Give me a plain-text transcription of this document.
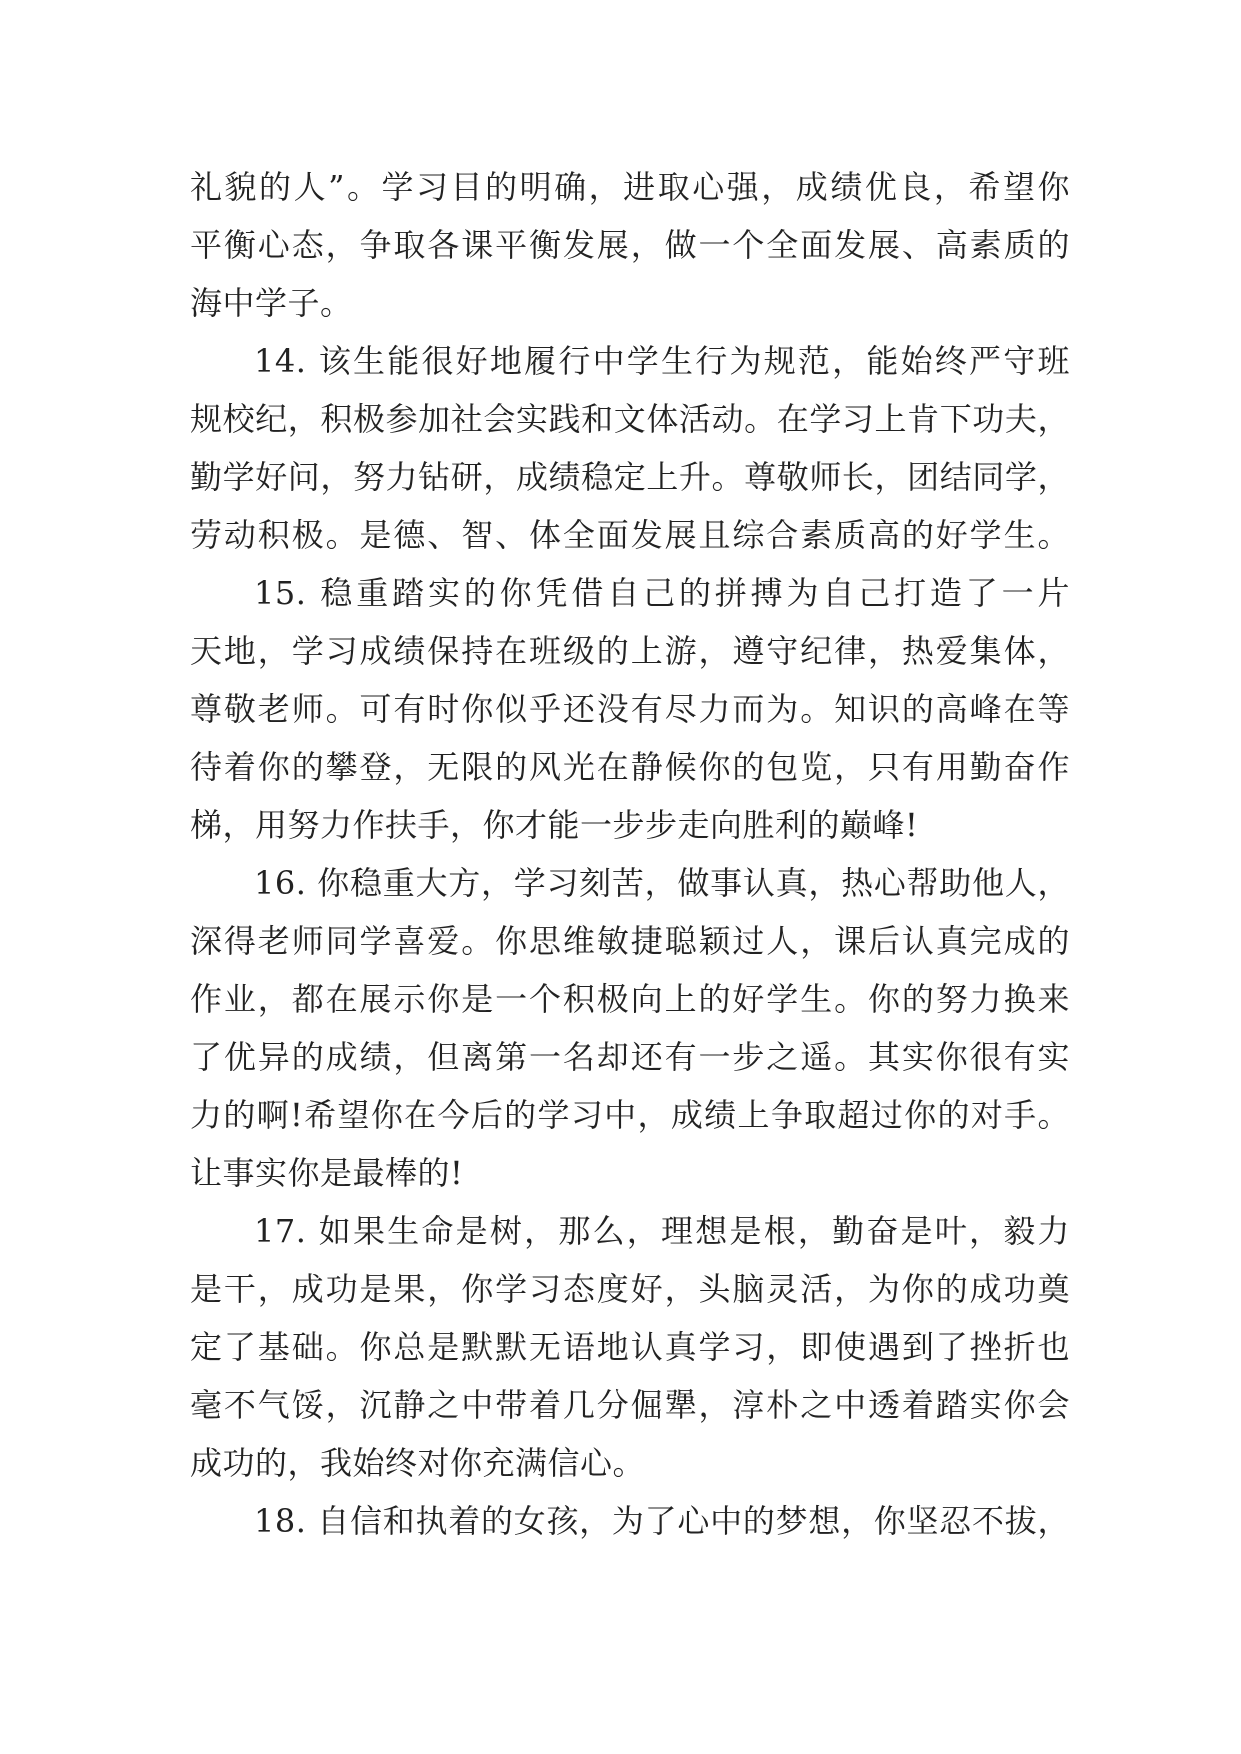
礼貌的人”。学习目的明确，进取心强，成绩优良，希望你
平衡心态，争取各课平衡发展，做一个全面发展、高素质的
海中学子。
14. 该生能很好地履行中学生行为规范，能始终严守班
规校纪，积极参加社会实践和文体活动。在学习上肯下功夫，
勤学好问，努力钻研，成绩稳定上升。尊敬师长，团结同学，
劳动积极。是德、智、体全面发展且综合素质高的好学生。
15. 稳重踏实的你凭借自己的拼搏为自己打造了一片
天地，学习成绩保持在班级的上游，遵守纪律，热爱集体，
尊敬老师。可有时你似乎还没有尽力而为。知识的高峰在等
待着你的攀登，无限的风光在静候你的包览，只有用勤奋作
梯，用努力作扶手，你才能一步步走向胜利的巅峰!
16. 你稳重大方，学习刻苦，做事认真，热心帮助他人，
深得老师同学喜爱。你思维敏捷聪颖过人，课后认真完成的
作业，都在展示你是一个积极向上的好学生。你的努力换来
了优异的成绩，但离第一名却还有一步之遥。其实你很有实
力的啊!希望你在今后的学习中，成绩上争取超过你的对手。
让事实你是最棒的!
17. 如果生命是树，那么，理想是根，勤奋是叶，毅力
是干，成功是果，你学习态度好，头脑灵活，为你的成功奠
定了基础。你总是默默无语地认真学习，即使遇到了挫折也
毫不气馁，沉静之中带着几分倔犟，淳朴之中透着踏实你会
成功的，我始终对你充满信心。
18. 自信和执着的女孩，为了心中的梦想，你坚忍不拔，
